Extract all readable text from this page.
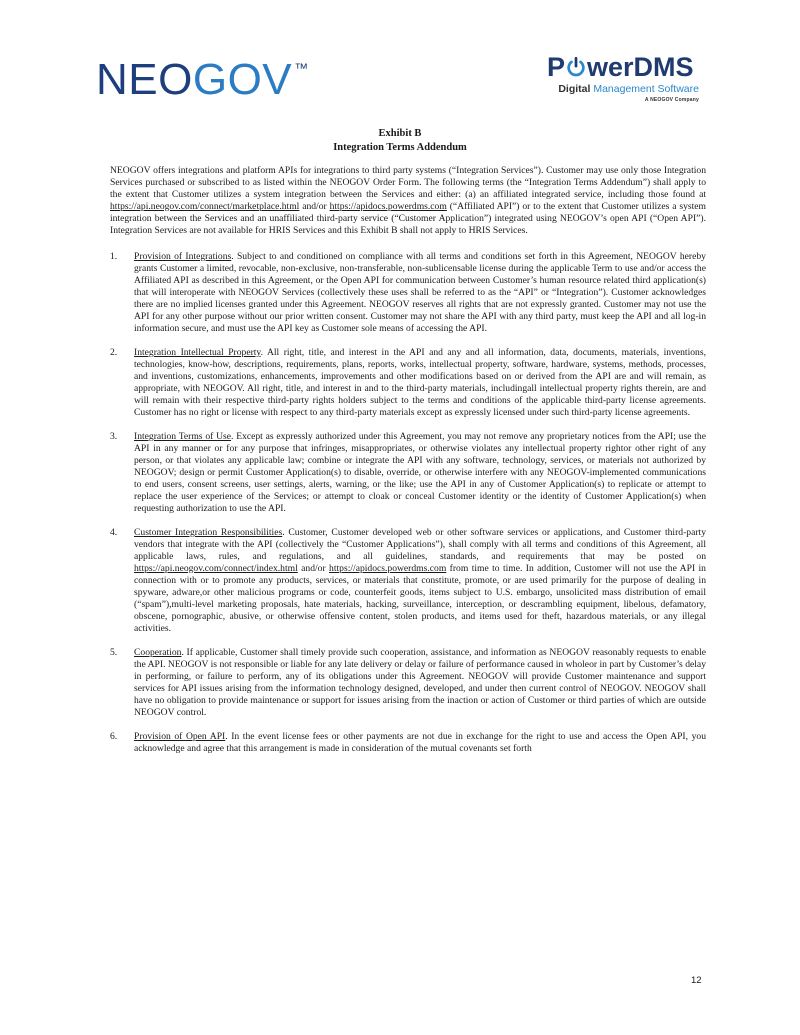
NEOGOV ™	P werDMS
Digital Management Software
A NEOGOV Company
Exhibit B
Integration Terms Addendum

NEOGOV offers integrations and platform APIs for integrations to third party systems (“Integration Services”). Customer may use only those Integration Services purchased or subscribed to as listed within the NEOGOV Order Form. The following terms (the “Integration Terms Addendum”) shall apply to the extent that Customer utilizes a system integration between the Services and either: (a) an affiliated integrated service, including those found at https://api.neogov.com/connect/marketplace.html and/or https://apidocs.powerdms.com (“Affiliated API”) or to the extent that Customer utilizes a system integration between the Services and an unaffiliated third-party service (“Customer Application”) integrated using NEOGOV’s open API (“Open API”). Integration Services are not available for HRIS Services and this Exhibit B shall not apply to HRIS Services.

1. Provision of Integrations. Subject to and conditioned on compliance with all terms and conditions set forth in this Agreement, NEOGOV hereby grants Customer a limited, revocable, non-exclusive, non-transferable, non-sublicensable license during the applicable Term to use and/or access the Affiliated API as described in this Agreement, or the Open API for communication between Customer’s human resource related third application(s) that will interoperate with NEOGOV Services (collectively these uses shall be referred to as the “API” or “Integration”). Customer acknowledges there are no implied licenses granted under this Agreement. NEOGOV reserves all rights that are not expressly granted. Customer may not use the API for any other purpose without our prior written consent. Customer may not share the API with any third party, must keep the API and all log-in information secure, and must use the API key as Customer sole means of accessing the API.
2. Integration Intellectual Property. All right, title, and interest in the API and any and all information, data, documents, materials, inventions, technologies, know-how, descriptions, requirements, plans, reports, works, intellectual property, software, hardware, systems, methods, processes, and inventions, customizations, enhancements, improvements and other modifications based on or derived from the API are and will remain, as appropriate, with NEOGOV. All right, title, and interest in and to the third-party materials, includingall intellectual property rights therein, are and will remain with their respective third-party rights holders subject to the terms and conditions of the applicable third-party license agreements. Customer has no right or license with respect to any third-party materials except as expressly licensed under such third-party license agreements.
3. Integration Terms of Use. Except as expressly authorized under this Agreement, you may not remove any proprietary notices from the API; use the API in any manner or for any purpose that infringes, misappropriates, or otherwise violates any intellectual property rightor other right of any person, or that violates any applicable law; combine or integrate the API with any software, technology, services, or materials not authorized by NEOGOV; design or permit Customer Application(s) to disable, override, or otherwise interfere with any NEOGOV-implemented communications to end users, consent screens, user settings, alerts, warning, or the like; use the API in any of Customer Application(s) to replicate or attempt to replace the user experience of the Services; or attempt to cloak or conceal Customer identity or the identity of Customer Application(s) when requesting authorization to use the API.
4. Customer Integration Responsibilities. Customer, Customer developed web or other software services or applications, and Customer third-party vendors that integrate with the API (collectively the “Customer Applications”), shall comply with all terms and conditions of this Agreement, all applicable laws, rules, and regulations, and all guidelines, standards, and requirements that may be posted on https://api.neogov.com/connect/index.html and/or https://apidocs.powerdms.com from time to time. In addition, Customer will not use the API in connection with or to promote any products, services, or materials that constitute, promote, or are used primarily for the purpose of dealing in spyware, adware,or other malicious programs or code, counterfeit goods, items subject to U.S. embargo, unsolicited mass distribution of email (“spam”),multi-level marketing proposals, hate materials, hacking, surveillance, interception, or descrambling equipment, libelous, defamatory, obscene, pornographic, abusive, or otherwise offensive content, stolen products, and items used for theft, hazardous materials, or any illegal activities.
5. Cooperation. If applicable, Customer shall timely provide such cooperation, assistance, and information as NEOGOV reasonably requests to enable the API. NEOGOV is not responsible or liable for any late delivery or delay or failure of performance caused in wholeor in part by Customer’s delay in performing, or failure to perform, any of its obligations under this Agreement. NEOGOV will provide Customer maintenance and support services for API issues arising from the information technology designed, developed, and under then current control of NEOGOV. NEOGOV shall have no obligation to provide maintenance or support for issues arising from the inaction or action of Customer or third parties of which are outside NEOGOV control.
6. Provision of Open API. In the event license fees or other payments are not due in exchange for the right to use and access the Open API, you acknowledge and agree that this arrangement is made in consideration of the mutual covenants set forth
12
